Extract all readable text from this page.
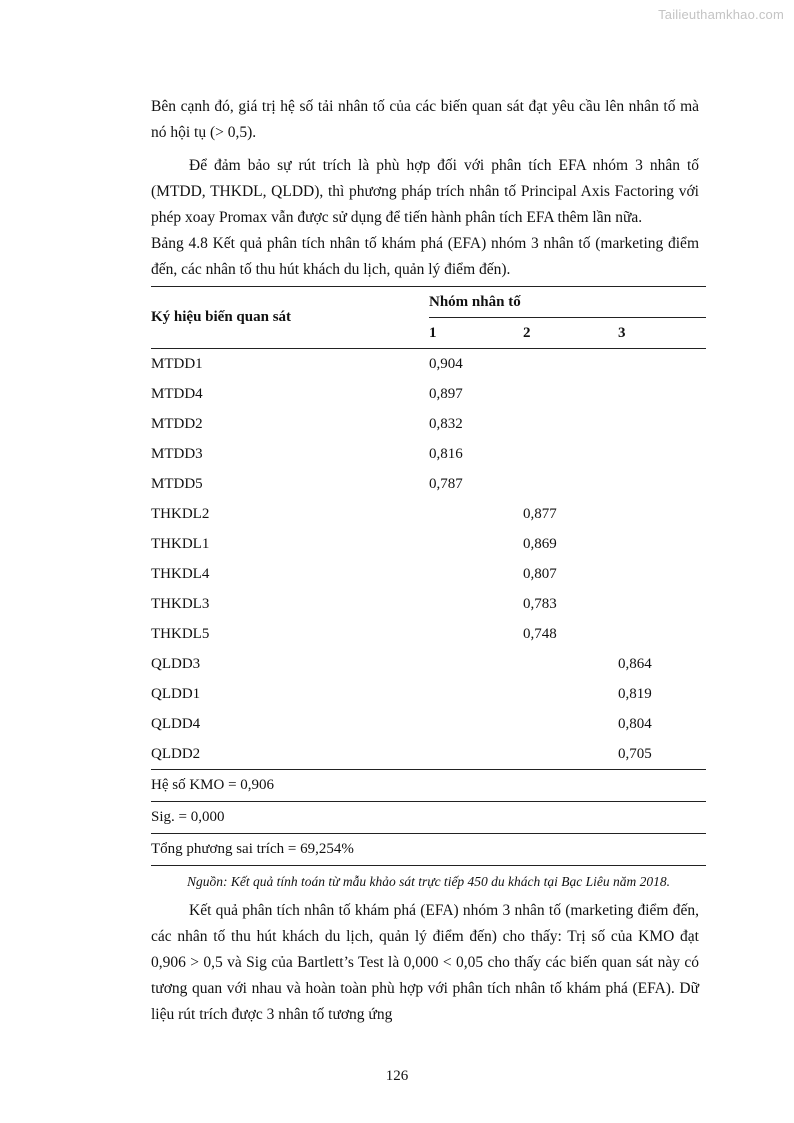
Tailieuthamkhao.com

Bên cạnh đó, giá trị hệ số tải nhân tố của các biến quan sát đạt yêu cầu lên nhân tố mà nó hội tụ (> 0,5).

Để đảm bảo sự rút trích là phù hợp đối với phân tích EFA nhóm 3 nhân tố (MTDD, THKDL, QLDD), thì phương pháp trích nhân tố Principal Axis Factoring với phép xoay Promax vẫn được sử dụng để tiến hành phân tích EFA thêm lần nữa.

Bảng 4.8 Kết quả phân tích nhân tố khám phá (EFA) nhóm 3 nhân tố (marketing điểm đến, các nhân tố thu hút khách du lịch, quản lý điểm đến).

Ký hiệu biến quan sát	Nhóm nhân tố		
	1	2	3
MTDD1	0,904		
MTDD4	0,897		
MTDD2	0,832		
MTDD3	0,816		
MTDD5	0,787		
THKDL2		0,877	
THKDL1		0,869	
THKDL4		0,807	
THKDL3		0,783	
THKDL5		0,748	
QLDD3			0,864
QLDD1			0,819
QLDD4			0,804
QLDD2			0,705
Hệ số KMO = 0,906			
Sig. = 0,000			
Tổng phương sai trích = 69,254%			
Nguồn: Kết quả tính toán từ mẫu khảo sát trực tiếp 450 du khách tại Bạc Liêu năm 2018.

Kết quả phân tích nhân tố khám phá (EFA) nhóm 3 nhân tố (marketing điểm đến, các nhân tố thu hút khách du lịch, quản lý điểm đến) cho thấy: Trị số của KMO đạt 0,906 > 0,5 và Sig của Bartlett’s Test là 0,000 < 0,05 cho thấy các biến quan sát này có tương quan với nhau và hoàn toàn phù hợp với phân tích nhân tố khám phá (EFA). Dữ liệu rút trích được 3 nhân tố tương ứng

126
